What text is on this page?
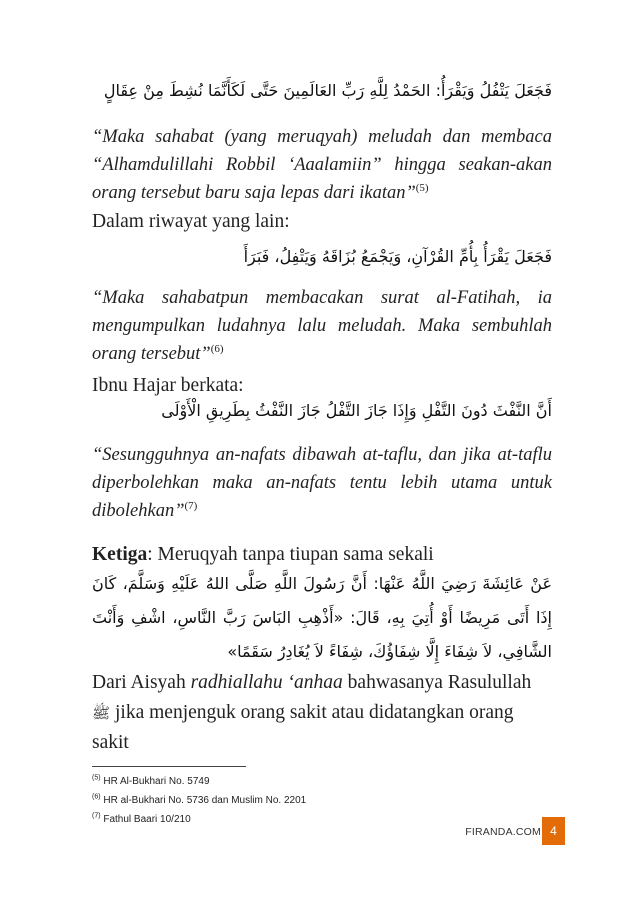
فَجَعَلَ يَتْفُلُ وَيَقْرَأُ: الحَمْدُ لِلَّهِ رَبِّ العَالَمِينَ حَتَّى لَكَأَنَّمَا نُشِطَ مِنْ عِقَالٍ
“Maka sahabat (yang meruqyah) meludah dan membaca “Alhamdulillahi Robbil ‘Aaalamiin” hingga seakan-akan orang tersebut baru saja lepas dari ikatan”$^{(5)}$
Dalam riwayat yang lain:
فَجَعَلَ يَقْرَأُ بِأُمِّ القُرْآنِ، وَيَجْمَعُ بُزَاقَهُ وَيَتْفِلُ، فَبَرَأَ
“Maka sahabatpun membacakan surat al-Fatihah, ia mengumpulkan ludahnya lalu meludah. Maka sembuhlah orang tersebut”$^{(6)}$
Ibnu Hajar berkata:
أَنَّ النَّفْثَ دُونَ التَّفْلِ وَإِذَا جَازَ التَّفْلُ جَازَ النَّفْثُ بِطَرِيقِ الْأَوْلَى
“Sesungguhnya an-nafats dibawah at-taflu, dan jika at-taflu diperbolehkan maka an-nafats tentu lebih utama untuk dibolehkan”$^{(7)}$
Ketiga: Meruqyah tanpa tiupan sama sekali
عَنْ عَائِشَةَ رَضِيَ اللَّهُ عَنْهَا: أَنَّ رَسُولَ اللَّهِ صَلَّى اللهُ عَلَيْهِ وَسَلَّمَ، كَانَ إِذَا أَتَى مَرِيضًا أَوْ أُتِيَ بِهِ، قَالَ: «أَذْهِبِ البَاسَ رَبَّ النَّاسِ، اشْفِ وَأَنْتَ الشَّافِي، لاَ شِفَاءَ إِلَّا شِفَاؤُكَ، شِفَاءً لاَ يُغَادِرُ سَقَمًا»
Dari Aisyah radhiallahu ‘anhaa bahwasanya Rasulullah ﷺ jika menjenguk orang sakit atau didatangkan orang sakit
$^{(5)}$ HR Al-Bukhari No. 5749
$^{(6)}$ HR al-Bukhari No. 5736 dan Muslim No. 2201
$^{(7)}$ Fathul Baari 10/210
FIRANDA.COM 4
